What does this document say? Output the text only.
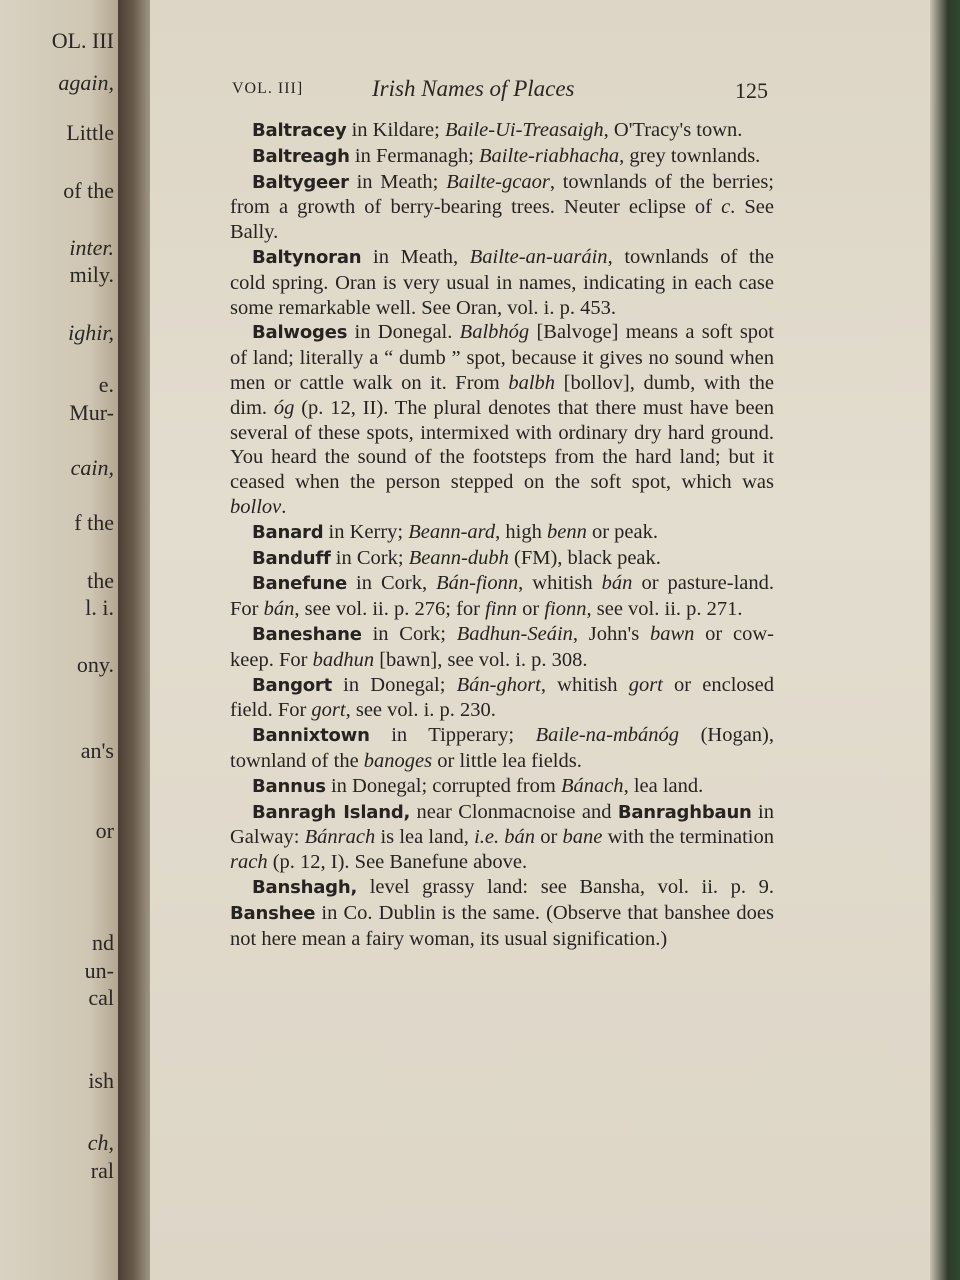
OL. III
again,
Little
of the
inter.
mily.
ighir,
e.
Mur-
cain,
f the
the
l. i.
ony.
an's
or
nd
un-
cal
ish
ch,
ral
VOL. III]	Irish Names of Places	125

Baltracey in Kildare; Baile-Ui-Treasaigh, O'Tracy's town.

Baltreagh in Fermanagh; Bailte-riabhacha, grey townlands.

Baltygeer in Meath; Bailte-gcaor, townlands of the berries; from a growth of berry-bearing trees. Neuter eclipse of c. See Bally.

Baltynoran in Meath, Bailte-an-uaráin, townlands of the cold spring. Oran is very usual in names, indicating in each case some remarkable well. See Oran, vol. i. p. 453.

Balwoges in Donegal. Balbhóg [Balvoge] means a soft spot of land; literally a “ dumb ” spot, because it gives no sound when men or cattle walk on it. From balbh [bollov], dumb, with the dim. óg (p. 12, II). The plural denotes that there must have been several of these spots, intermixed with ordinary dry hard ground. You heard the sound of the footsteps from the hard land; but it ceased when the person stepped on the soft spot, which was bollov.

Banard in Kerry; Beann-ard, high benn or peak.

Banduff in Cork; Beann-dubh (FM), black peak.

Banefune in Cork, Bán-fionn, whitish bán or pasture-land. For bán, see vol. ii. p. 276; for finn or fionn, see vol. ii. p. 271.

Baneshane in Cork; Badhun-Seáin, John's bawn or cow-keep. For badhun [bawn], see vol. i. p. 308.

Bangort in Donegal; Bán-ghort, whitish gort or enclosed field. For gort, see vol. i. p. 230.

Bannixtown in Tipperary; Baile-na-mbánóg (Hogan), townland of the banoges or little lea fields.

Bannus in Donegal; corrupted from Bánach, lea land.

Banragh Island, near Clonmacnoise and Banraghbaun in Galway: Bánrach is lea land, i.e. bán or bane with the termination rach (p. 12, I). See Banefune above.

Banshagh, level grassy land: see Bansha, vol. ii. p. 9. Banshee in Co. Dublin is the same. (Observe that banshee does not here mean a fairy woman, its usual signification.)
